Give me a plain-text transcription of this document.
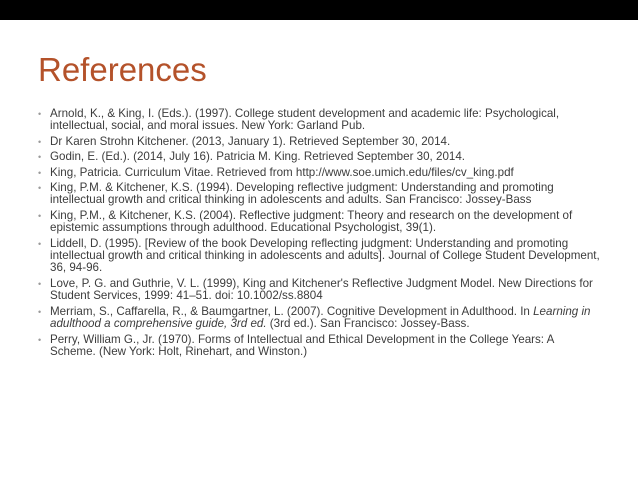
References
• Arnold, K., & King, I. (Eds.). (1997). College student development and academic life: Psychological, intellectual, social, and moral issues. New York: Garland Pub.
• Dr Karen Strohn Kitchener. (2013, January 1). Retrieved September 30, 2014.
• Godin, E. (Ed.). (2014, July 16). Patricia M. King. Retrieved September 30, 2014.
• King, Patricia. Curriculum Vitae. Retrieved from http://www.soe.umich.edu/files/cv_king.pdf
• King, P.M. & Kitchener, K.S. (1994). Developing reflective judgment: Understanding and promoting intellectual growth and critical thinking in adolescents and adults. San Francisco: Jossey-Bass
• King, P.M., & Kitchener, K.S. (2004). Reflective judgment: Theory and research on the development of epistemic assumptions through adulthood. Educational Psychologist, 39(1).
• Liddell, D. (1995). [Review of the book Developing reflecting judgment: Understanding and promoting intellectual growth and critical thinking in adolescents and adults]. Journal of College Student Development, 36, 94-96.
• Love, P. G. and Guthrie, V. L. (1999), King and Kitchener's Reflective Judgment Model. New Directions for Student Services, 1999: 41–51. doi: 10.1002/ss.8804
• Merriam, S., Caffarella, R., & Baumgartner, L. (2007). Cognitive Development in Adulthood. In Learning in adulthood a comprehensive guide, 3rd ed. (3rd ed.). San Francisco: Jossey-Bass.
• Perry, William G., Jr. (1970). Forms of Intellectual and Ethical Development in the College Years: A Scheme. (New York: Holt, Rinehart, and Winston.)
